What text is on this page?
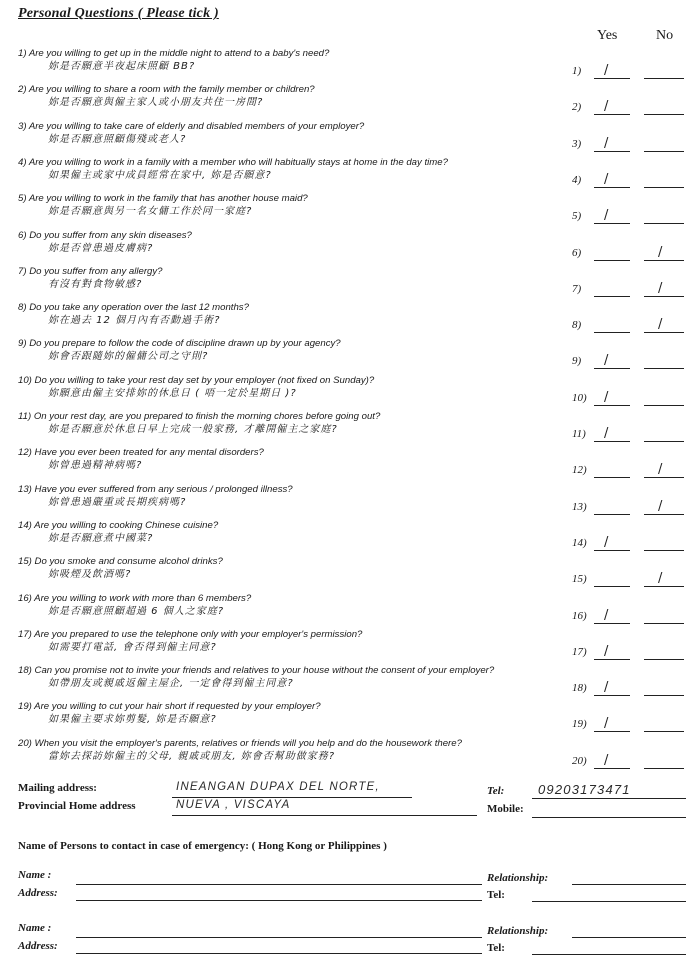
Personal Questions ( Please tick )
Yes	No
1) Are you willing to get up in the middle night to attend to a baby's need?
妳是否願意半夜起床照顧 BB?	1) /
2) Are you willing to share a room with the family member or children?
妳是否願意與僱主家人或小朋友共住一房間?	2) /
3) Are you willing to take care of elderly and disabled members of your employer?
妳是否願意照顧傷殘或老人?	3) /
4) Are you willing to work in a family with a member who will habitually stays at home in the day time?
如果僱主或家中成員經常在家中, 妳是否願意?	4) /
5) Are you willing to work in the family that has another house maid?
妳是否願意與另一名女傭工作於同一家庭?	5) /
6) Do you suffer from any skin diseases?
妳是否曾患過皮膚病?	6)	/
7) Do you suffer from any allergy?
有沒有對食物敏感?	7)	/
8) Do you take any operation over the last 12 months?
妳在過去 12 個月內有否動過手術?	8)	/
9) Do you prepare to follow the code of discipline drawn up by your agency?
妳會否跟隨妳的僱傭公司之守則?	9) /
10) Do you willing to take your rest day set by your employer (not fixed on Sunday)?
妳願意由僱主安排妳的休息日 ( 唔一定於星期日 )?	10) /
11) On your rest day, are you prepared to finish the morning chores before going out?
妳是否願意於休息日早上完成一般家務, 才離開僱主之家庭?	11) /
12) Have you ever been treated for any mental disorders?
妳曾患過精神病嗎?	12)	/
13) Have you ever suffered from any serious / prolonged illness?
妳曾患過嚴重或長期疾病嗎?	13)	/
14) Are you willing to cooking Chinese cuisine?
妳是否願意煮中國菜?	14) /
15) Do you smoke and consume alcohol drinks?
妳吸煙及飲酒嗎?	15)	/
16) Are you willing to work with more than 6 members?
妳是否願意照顧超過 6 個人之家庭?	16) /
17) Are you prepared to use the telephone only with your employer's permission?
如需要打電話, 會否得到僱主同意?	17) /
18) Can you promise not to invite your friends and relatives to your house without the consent of your employer?
如帶朋友或親戚返僱主屋企, 一定會得到僱主同意?	18) /
19) Are you willing to cut your hair short if requested by your employer?
如果僱主要求妳剪髮, 妳是否願意?	19) /
20) When you visit the employer's parents, relatives or friends will you help and do the housework there?
當妳去探訪妳僱主的父母, 親戚或朋友, 妳會否幫助做家務?	20) /
Mailing address:	INEANGAN DUPAX DEL NORTE,
Provincial Home address	NUEVA , VISCAYA
Tel:	09203173471
Mobile:
Name of Persons to contact in case of emergency: ( Hong Kong or Philippines )
Name :	Relationship:
Address:	Tel:
Name :	Relationship:
Address:	Tel:
